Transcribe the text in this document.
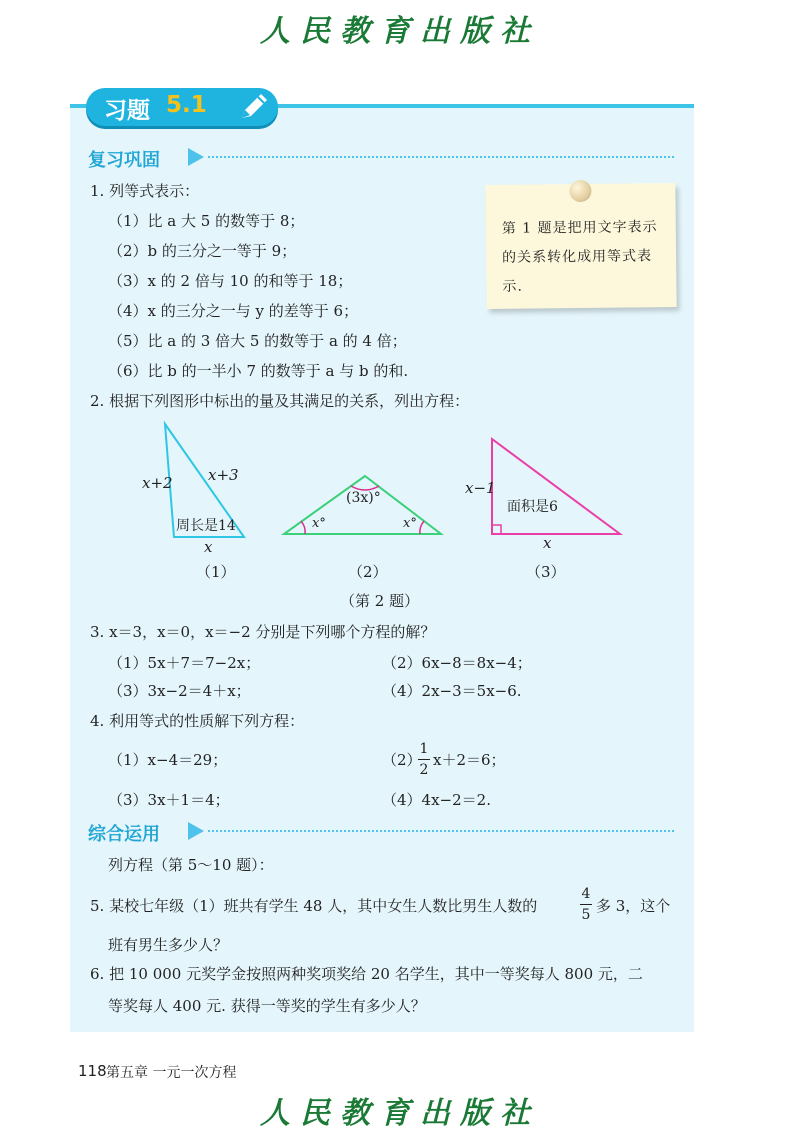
人民教育出版社
习题 5.1
复习巩固
第 1 题是把用文字表示的关系转化成用等式表示.
1. 列等式表示：
（1）比 a 大 5 的数等于 8；
（2）b 的三分之一等于 9；
（3）x 的 2 倍与 10 的和等于 18；
（4）x 的三分之一与 y 的差等于 6；
（5）比 a 的 3 倍大 5 的数等于 a 的 4 倍；
（6）比 b 的一半小 7 的数等于 a 与 b 的和.
2. 根据下列图形中标出的量及其满足的关系，列出方程：
x+2 x+3
周长是14
x
（1）
(3x)°
x°	x°
（2）
x−1
面积是6
x
（3）
（第 2 题）
3. x＝3，x＝0，x＝−2 分别是下列哪个方程的解？
（1）5x＋7＝7−2x；	（2）6x−8＝8x−4；
（3）3x−2＝4＋x；	（4）2x−3＝5x−6.
4. 利用等式的性质解下列方程：
（1）x−4＝29；	（2）
1
2
x＋2＝6；
（3）3x＋1＝4；	（4）4x−2＝2.
综合运用
列方程（第 5～10 题）：
5. 某校七年级（1）班共有学生 48 人，其中女生人数比男生人数的
4
5 多 3，这个
班有男生多少人？
6. 把 10 000 元奖学金按照两种奖项奖给 20 名学生，其中一等奖每人 800 元，二
等奖每人 400 元. 获得一等奖的学生有多少人？
118 第五章 一元一次方程
人民教育出版社
